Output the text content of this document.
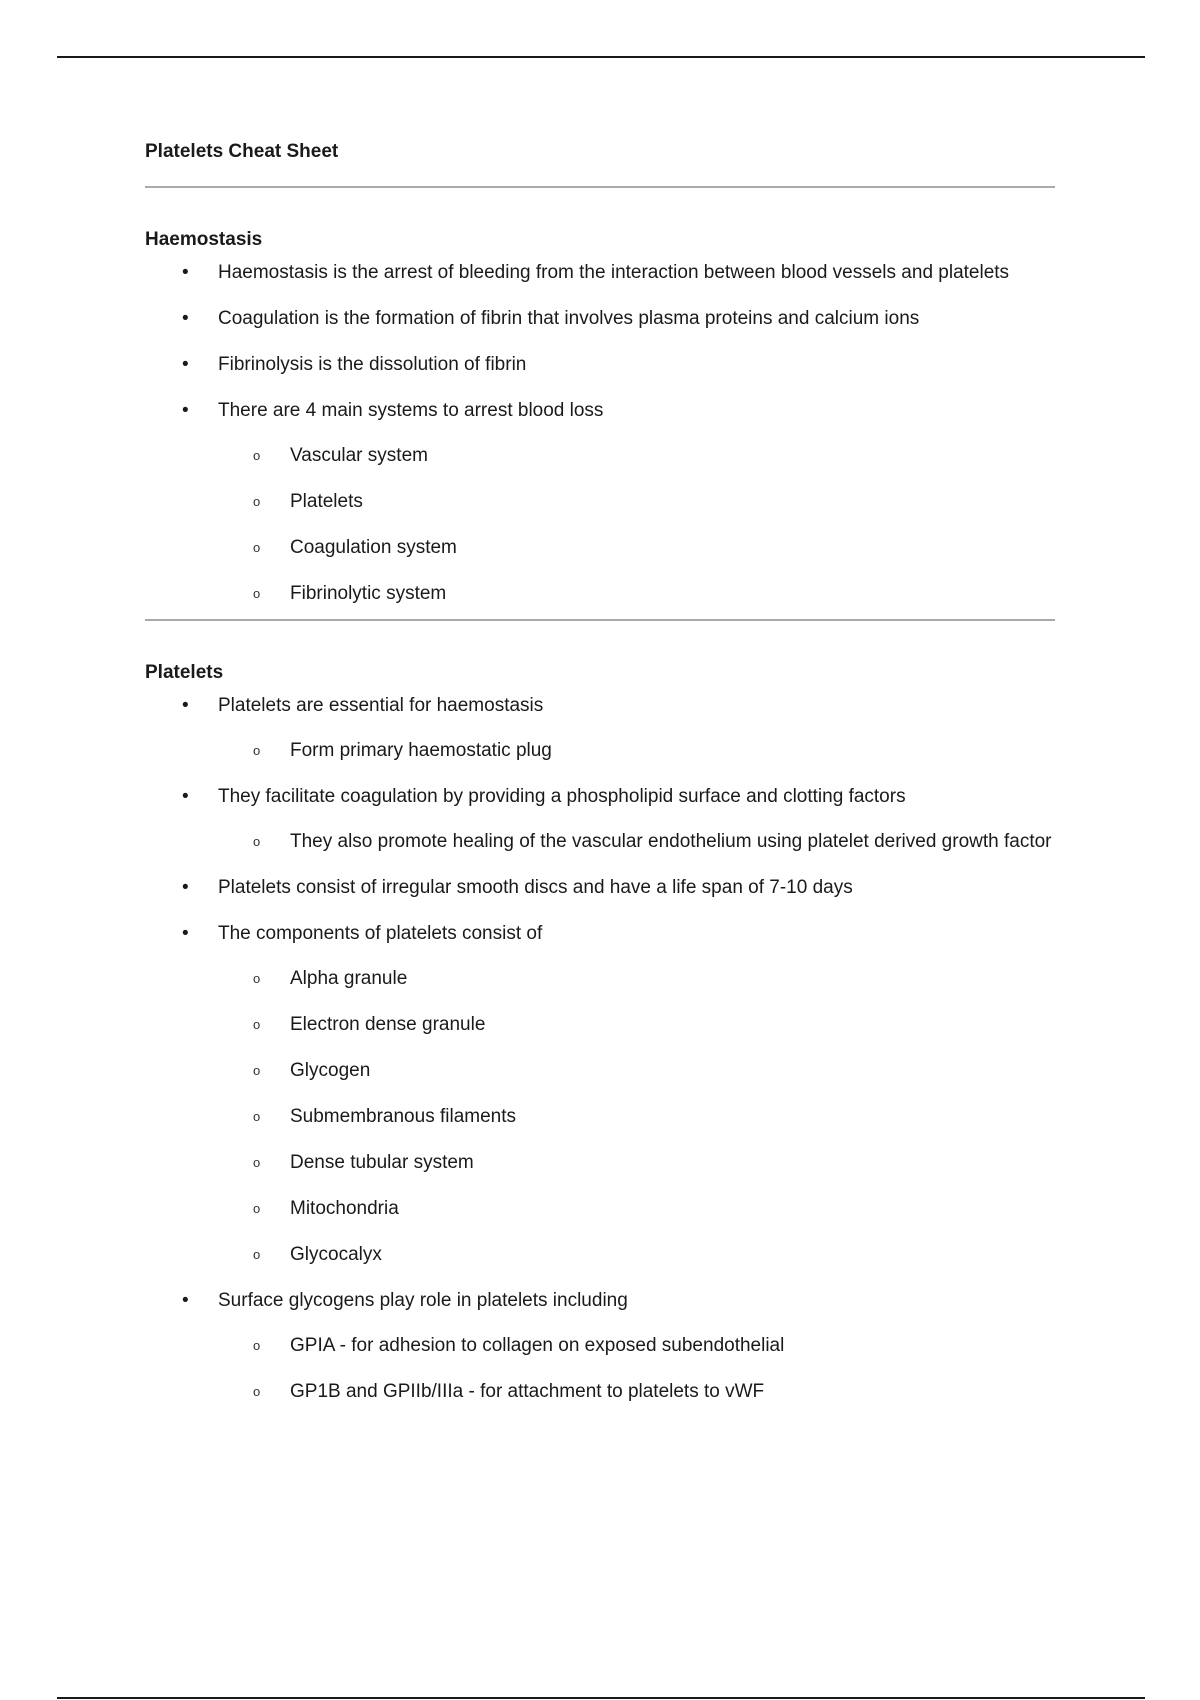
Platelets Cheat Sheet
Haemostasis
• Haemostasis is the arrest of bleeding from the interaction between blood vessels and platelets
• Coagulation is the formation of fibrin that involves plasma proteins and calcium ions
• Fibrinolysis is the dissolution of fibrin
• There are 4 main systems to arrest blood loss
o Vascular system
o Platelets
o Coagulation system
o Fibrinolytic system
Platelets
• Platelets are essential for haemostasis
o Form primary haemostatic plug
• They facilitate coagulation by providing a phospholipid surface and clotting factors
o They also promote healing of the vascular endothelium using platelet derived growth factor
• Platelets consist of irregular smooth discs and have a life span of 7-10 days
• The components of platelets consist of
o Alpha granule
o Electron dense granule
o Glycogen
o Submembranous filaments
o Dense tubular system
o Mitochondria
o Glycocalyx
• Surface glycogens play role in platelets including
o GPIA - for adhesion to collagen on exposed subendothelial
o GP1B and GPIIb/IIIa - for attachment to platelets to vWF
